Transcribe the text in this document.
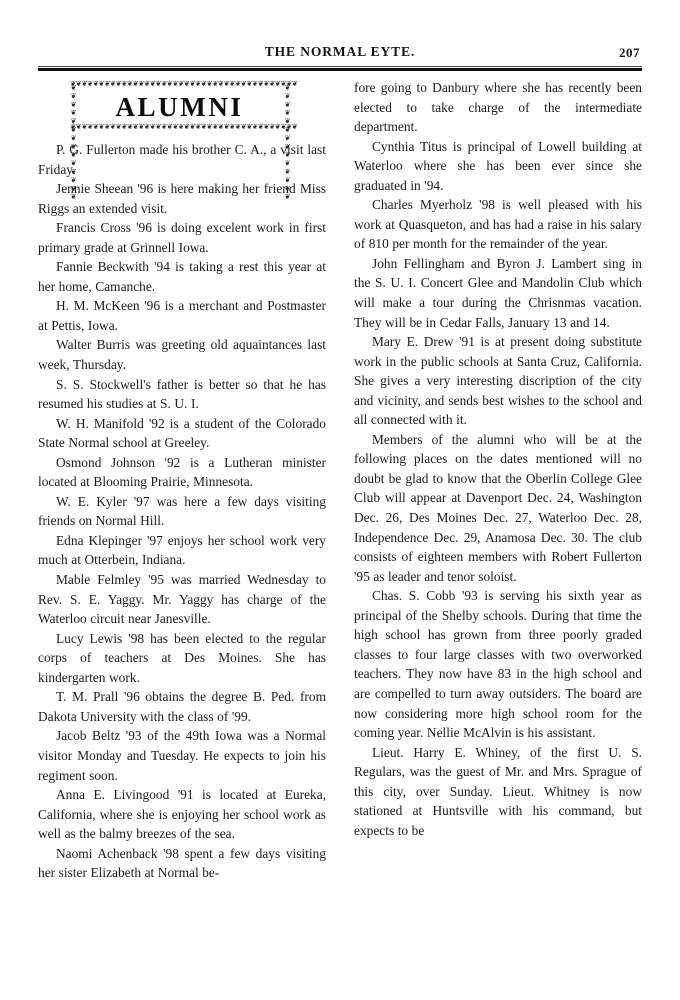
THE NORMAL EYTE.	207
❦❦❦❦❦❦❦❦❦❦❦❦❦❦❦❦❦❦❦❦❦❦❦❦❦❦❦❦❦❦❦❦❦❦❦❦❦❦❦❦
❦❦❦❦❦❦❦❦❦❦❦❦❦❦❦❦❦❦❦❦❦❦❦❦❦❦❦❦❦❦❦❦❦❦❦❦❦❦❦❦
❦❦❦❦❦❦❦❦❦❦❦❦❦❦	❦❦❦❦❦❦❦❦❦❦❦❦❦❦
ALUMNI

P. G. Fullerton made his brother C. A., a visit last Friday.

Jennie Sheean '96 is here making her friend Miss Riggs an extended visit.

Francis Cross '96 is doing excelent work in first primary grade at Grinnell Iowa.

Fannie Beckwith '94 is taking a rest this year at her home, Camanche.

H. M. McKeen '96 is a merchant and Postmaster at Pettis, Iowa.

Walter Burris was greeting old aquaintances last week, Thursday.

S. S. Stockwell's father is better so that he has resumed his studies at S. U. I.

W. H. Manifold '92 is a student of the Colorado State Normal school at Greeley.

Osmond Johnson '92 is a Lutheran minister located at Blooming Prairie, Minnesota.

W. E. Kyler '97 was here a few days visiting friends on Normal Hill.

Edna Klepinger '97 enjoys her school work very much at Otterbein, Indiana.

Mable Felmley '95 was married Wednesday to Rev. S. E. Yaggy. Mr. Yaggy has charge of the Waterloo circuit near Janesville.

Lucy Lewis '98 has been elected to the regular corps of teachers at Des Moines. She has kindergarten work.

T. M. Prall '96 obtains the degree B. Ped. from Dakota University with the class of '99.

Jacob Beltz '93 of the 49th Iowa was a Normal visitor Monday and Tuesday. He expects to join his regiment soon.

Anna E. Livingood '91 is located at Eureka, California, where she is enjoying her school work as well as the balmy breezes of the sea.

Naomi Achenback '98 spent a few days visiting her sister Elizabeth at Normal be-

fore going to Danbury where she has recently been elected to take charge of the intermediate department.

Cynthia Titus is principal of Lowell building at Waterloo where she has been ever since she graduated in '94.

Charles Myerholz '98 is well pleased with his work at Quasqueton, and has had a raise in his salary of 810 per month for the remainder of the year.

John Fellingham and Byron J. Lambert sing in the S. U. I. Concert Glee and Mandolin Club which will make a tour during the Chrisnmas vacation. They will be in Cedar Falls, January 13 and 14.

Mary E. Drew '91 is at present doing substitute work in the public schools at Santa Cruz, California. She gives a very interesting discription of the city and vicinity, and sends best wishes to the school and all connected with it.

Members of the alumni who will be at the following places on the dates mentioned will no doubt be glad to know that the Oberlin College Glee Club will appear at Davenport Dec. 24, Washington Dec. 26, Des Moines Dec. 27, Waterloo Dec. 28, Independence Dec. 29, Anamosa Dec. 30. The club consists of eighteen members with Robert Fullerton '95 as leader and tenor soloist.

Chas. S. Cobb '93 is serving his sixth year as principal of the Shelby schools. During that time the high school has grown from three poorly graded classes to four large classes with two overworked teachers. They now have 83 in the high school and are compelled to turn away outsiders. The board are now considering more high school room for the coming year. Nellie McAlvin is his assistant.

Lieut. Harry E. Whiney, of the first U. S. Regulars, was the guest of Mr. and Mrs. Sprague of this city, over Sunday. Lieut. Whitney is now stationed at Huntsville with his command, but expects to be
